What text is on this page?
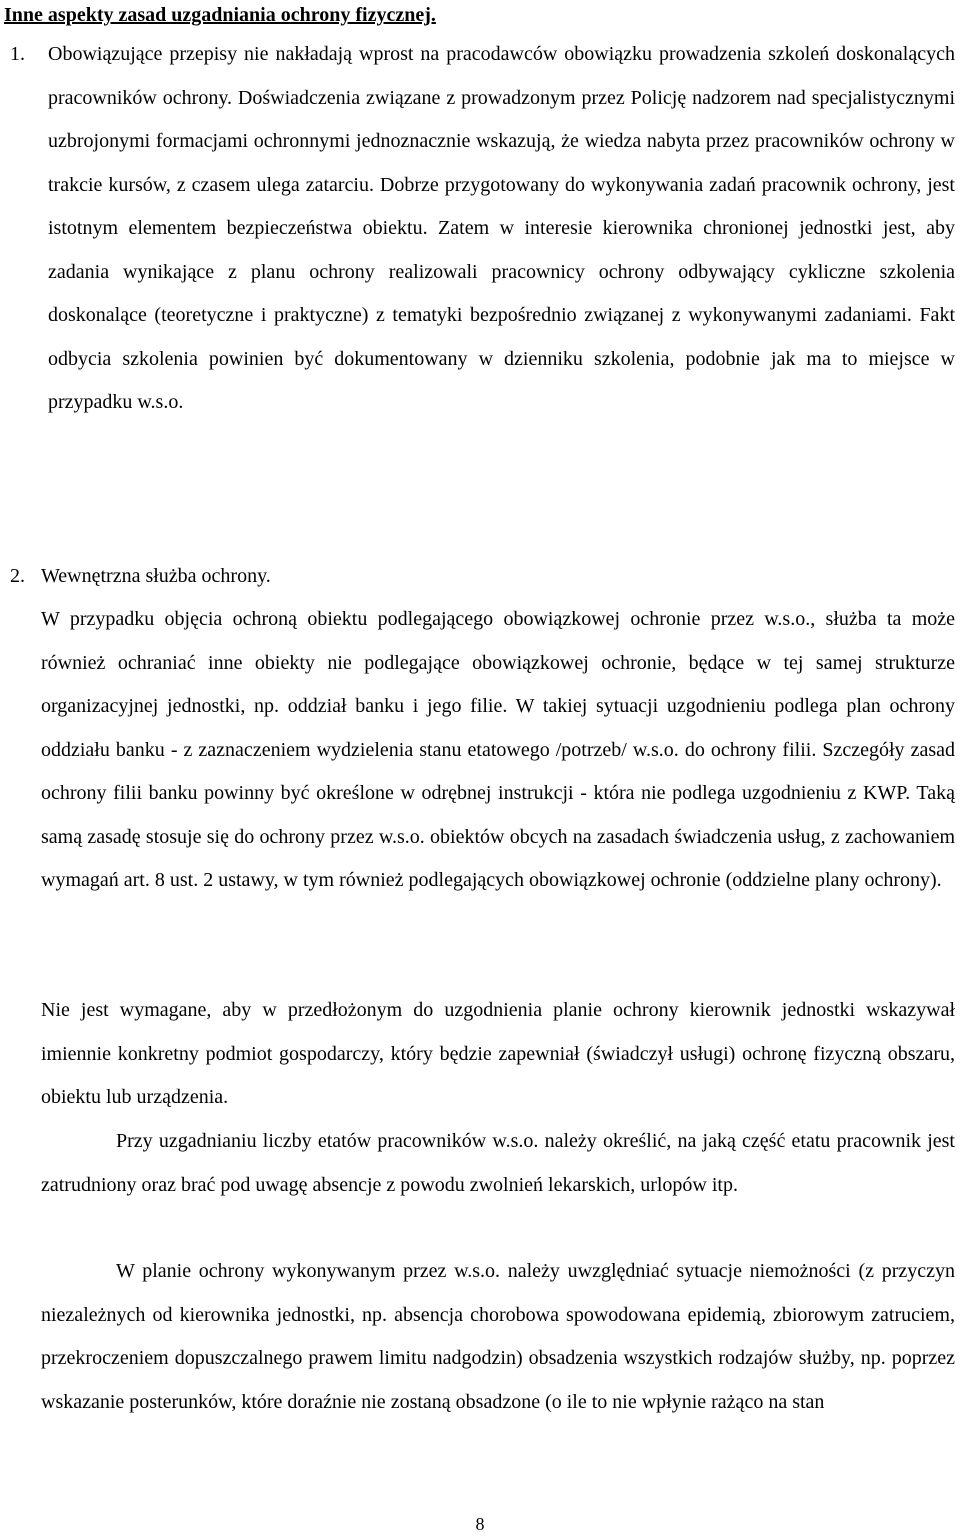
Inne aspekty zasad uzgadniania ochrony fizycznej.
1. Obowiązujące przepisy nie nakładają wprost na pracodawców obowiązku prowadzenia szkoleń doskonalących pracowników ochrony. Doświadczenia związane z prowadzonym przez Policję nadzorem nad specjalistycznymi uzbrojonymi formacjami ochronnymi jednoznacznie wskazują, że wiedza nabyta przez pracowników ochrony w trakcie kursów, z czasem ulega zatarciu. Dobrze przygotowany do wykonywania zadań pracownik ochrony, jest istotnym elementem bezpieczeństwa obiektu. Zatem w interesie kierownika chronionej jednostki jest, aby zadania wynikające z planu ochrony realizowali pracownicy ochrony odbywający cykliczne szkolenia doskonalące (teoretyczne i praktyczne) z tematyki bezpośrednio związanej z wykonywanymi zadaniami. Fakt odbycia szkolenia powinien być dokumentowany w dzienniku szkolenia, podobnie jak ma to miejsce w przypadku w.s.o.

2. Wewnętrzna służba ochrony.

W przypadku objęcia ochroną obiektu podlegającego obowiązkowej ochronie przez w.s.o., służba ta może również ochraniać inne obiekty nie podlegające obowiązkowej ochronie, będące w tej samej strukturze organizacyjnej jednostki, np. oddział banku i jego filie. W takiej sytuacji uzgodnieniu podlega plan ochrony oddziału banku - z zaznaczeniem wydzielenia stanu etatowego /potrzeb/ w.s.o. do ochrony filii. Szczegóły zasad ochrony filii banku powinny być określone w odrębnej instrukcji - która nie podlega uzgodnieniu z KWP. Taką samą zasadę stosuje się do ochrony przez w.s.o. obiektów obcych na zasadach świadczenia usług, z zachowaniem wymagań art. 8 ust. 2 ustawy, w tym również podlegających obowiązkowej ochronie (oddzielne plany ochrony).

Nie jest wymagane, aby w przedłożonym do uzgodnienia planie ochrony kierownik jednostki wskazywał imiennie konkretny podmiot gospodarczy, który będzie zapewniał (świadczył usługi) ochronę fizyczną obszaru, obiektu lub urządzenia.

Przy uzgadnianiu liczby etatów pracowników w.s.o. należy określić, na jaką część etatu pracownik jest zatrudniony oraz brać pod uwagę absencje z powodu zwolnień lekarskich, urlopów itp.

W planie ochrony wykonywanym przez w.s.o. należy uwzględniać sytuacje niemożności (z przyczyn niezależnych od kierownika jednostki, np. absencja chorobowa spowodowana epidemią, zbiorowym zatruciem, przekroczeniem dopuszczalnego prawem limitu nadgodzin) obsadzenia wszystkich rodzajów służby, np. poprzez wskazanie posterunków, które doraźnie nie zostaną obsadzone (o ile to nie wpłynie rażąco na stan

8
